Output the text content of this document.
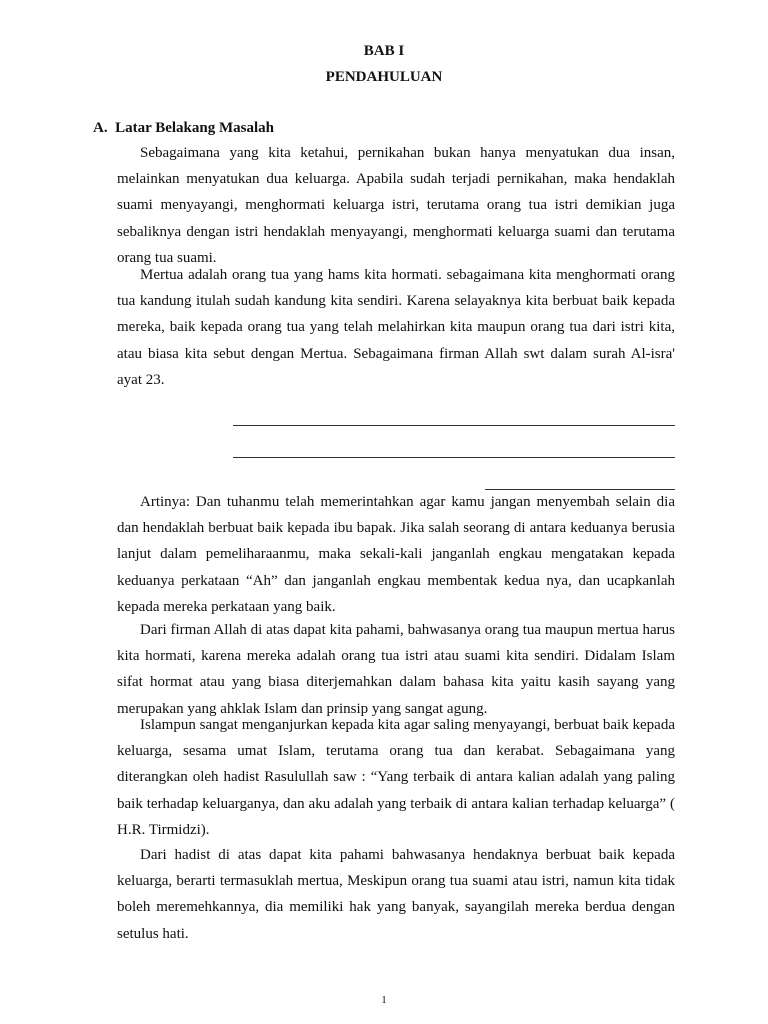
BAB I
PENDAHULUAN
A.  Latar Belakang Masalah

Sebagaimana yang kita ketahui, pernikahan bukan hanya menyatukan dua insan, melainkan menyatukan dua keluarga. Apabila sudah terjadi pernikahan, maka hendaklah suami menyayangi, menghormati keluarga istri, terutama orang tua istri demikian juga sebaliknya dengan istri hendaklah menyayangi, menghormati keluarga suami dan terutama orang tua suami.

Mertua adalah orang tua yang hams kita hormati. sebagaimana kita menghormati orang tua kandung itulah sudah kandung kita sendiri. Karena selayaknya kita berbuat baik kepada mereka, baik kepada orang tua yang telah melahirkan kita maupun orang tua dari istri kita, atau biasa kita sebut dengan Mertua. Sebagaimana firman Allah swt dalam surah Al-isra' ayat 23.

Artinya: Dan tuhanmu telah memerintahkan agar kamu jangan menyembah selain dia dan hendaklah berbuat baik kepada ibu bapak. Jika salah seorang di antara keduanya berusia lanjut dalam pemeliharaanmu, maka sekali-kali janganlah engkau mengatakan kepada keduanya perkataan “Ah” dan janganlah engkau membentak kedua nya, dan ucapkanlah kepada mereka perkataan yang baik.

Dari firman Allah di atas dapat kita pahami, bahwasanya orang tua maupun mertua harus kita hormati, karena mereka adalah orang tua istri atau suami kita sendiri. Didalam Islam sifat hormat atau yang biasa diterjemahkan dalam bahasa kita yaitu kasih sayang yang merupakan yang ahklak Islam dan prinsip yang sangat agung.

Islampun sangat menganjurkan kepada kita agar saling menyayangi, berbuat baik kepada keluarga, sesama umat Islam, terutama orang tua dan kerabat. Sebagaimana yang diterangkan oleh hadist Rasulullah saw : “Yang terbaik di antara kalian adalah yang paling baik terhadap keluarganya, dan aku adalah yang terbaik di antara kalian terhadap keluarga” ( H.R. Tirmidzi).

Dari hadist di atas dapat kita pahami bahwasanya hendaknya berbuat baik kepada keluarga, berarti termasuklah mertua, Meskipun orang tua suami atau istri, namun kita tidak boleh meremehkannya, dia memiliki hak yang banyak, sayangilah mereka berdua dengan setulus hati.

1
